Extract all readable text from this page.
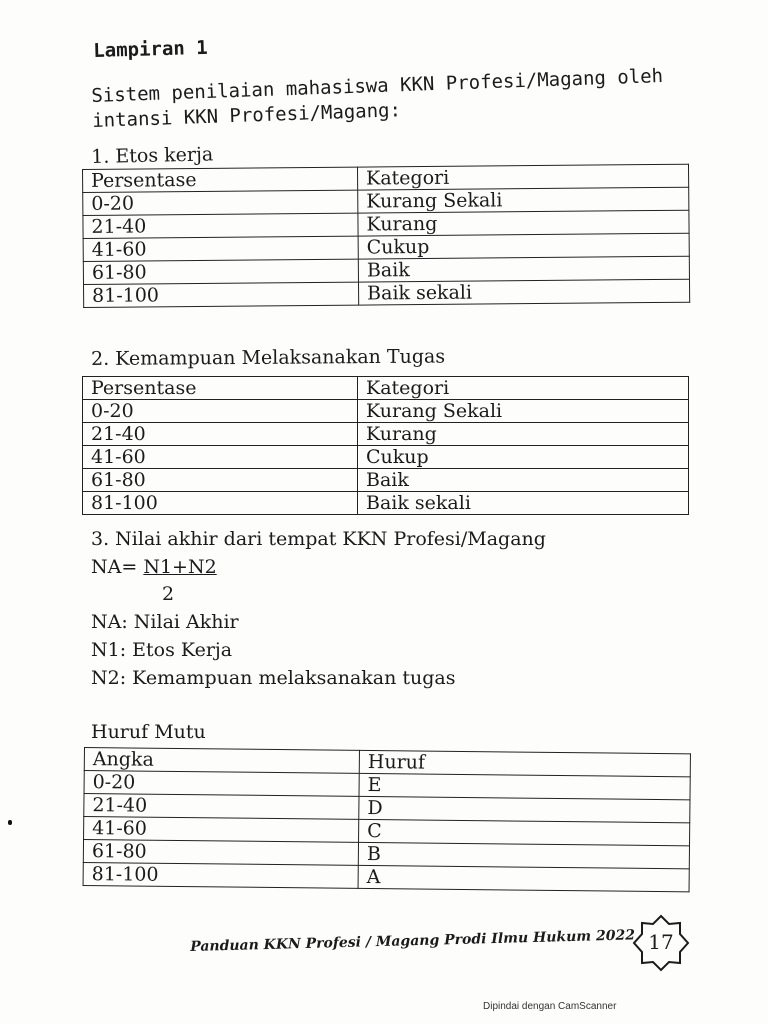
Lampiran 1
Sistem penilaian mahasiswa KKN Profesi/Magang oleh intansi KKN Profesi/Magang:
1. Etos kerja
Persentase	Kategori
0-20	Kurang Sekali
21-40	Kurang
41-60	Cukup
61-80	Baik
81-100	Baik sekali
2. Kemampuan Melaksanakan Tugas
Persentase	Kategori
0-20	Kurang Sekali
21-40	Kurang
41-60	Cukup
61-80	Baik
81-100	Baik sekali
3. Nilai akhir dari tempat KKN Profesi/Magang
NA= N1+N2
2
NA: Nilai Akhir
N1: Etos Kerja
N2: Kemampuan melaksanakan tugas
Huruf Mutu
Angka	Huruf
0-20	E
21-40	D
41-60	C
61-80	B
81-100	A
Panduan KKN Profesi / Magang Prodi Ilmu Hukum 2022 17
Dipindai dengan CamScanner
